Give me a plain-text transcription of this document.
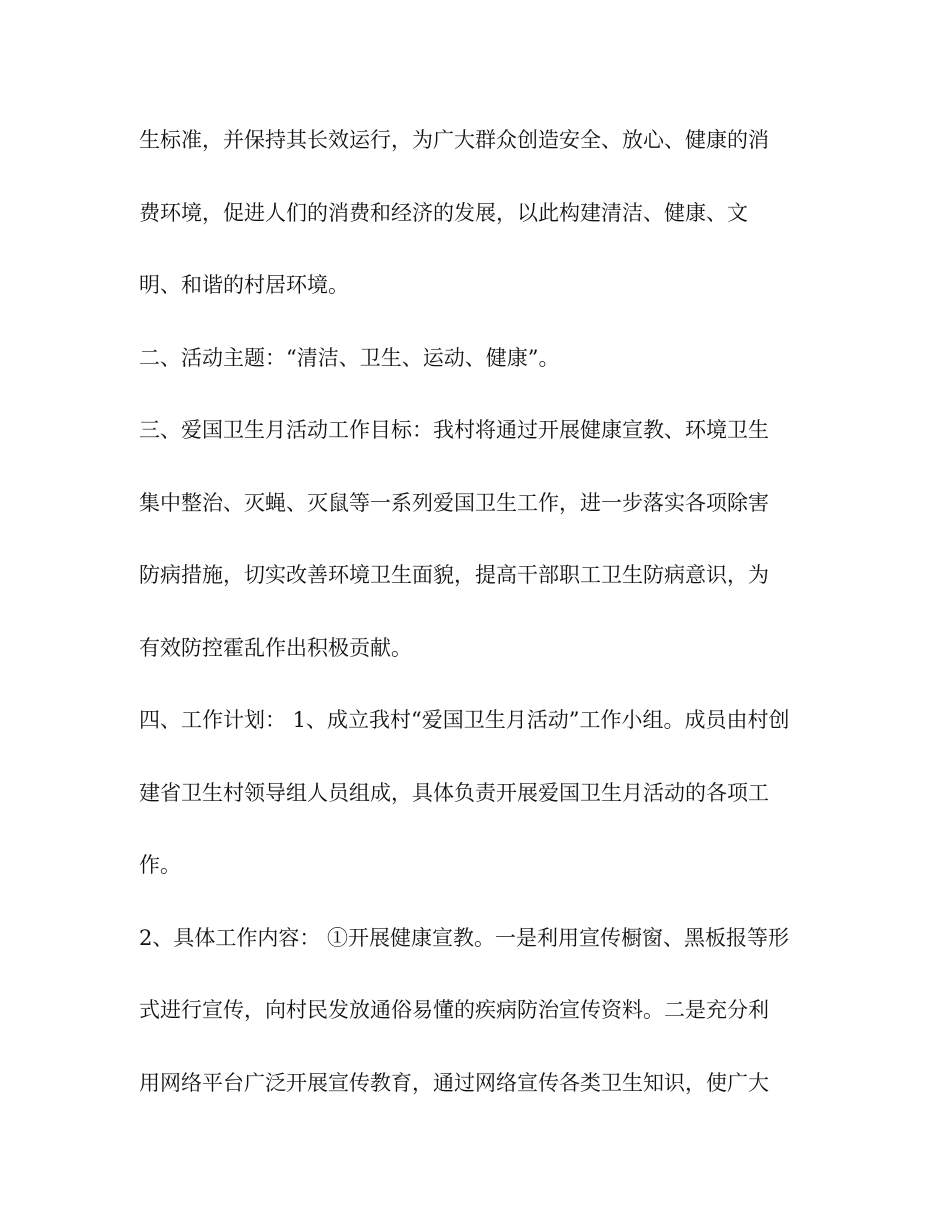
生标准，并保持其长效运行，为广大群众创造安全、放心、健康的消

费环境，促进人们的消费和经济的发展，以此构建清洁、健康、文

明、和谐的村居环境。

二、活动主题：“清洁、卫生、运动、健康”。

三、爱国卫生月活动工作目标：我村将通过开展健康宣教、环境卫生

集中整治、灭蝇、灭鼠等一系列爱国卫生工作，进一步落实各项除害

防病措施，切实改善环境卫生面貌，提高干部职工卫生防病意识，为

有效防控霍乱作出积极贡献。

四、工作计划： 1、成立我村“爱国卫生月活动”工作小组。成员由村创

建省卫生村领导组人员组成，具体负责开展爱国卫生月活动的各项工

作。

2、具体工作内容： ①开展健康宣教。一是利用宣传橱窗、黑板报等形

式进行宣传，向村民发放通俗易懂的疾病防治宣传资料。二是充分利

用网络平台广泛开展宣传教育，通过网络宣传各类卫生知识，使广大
